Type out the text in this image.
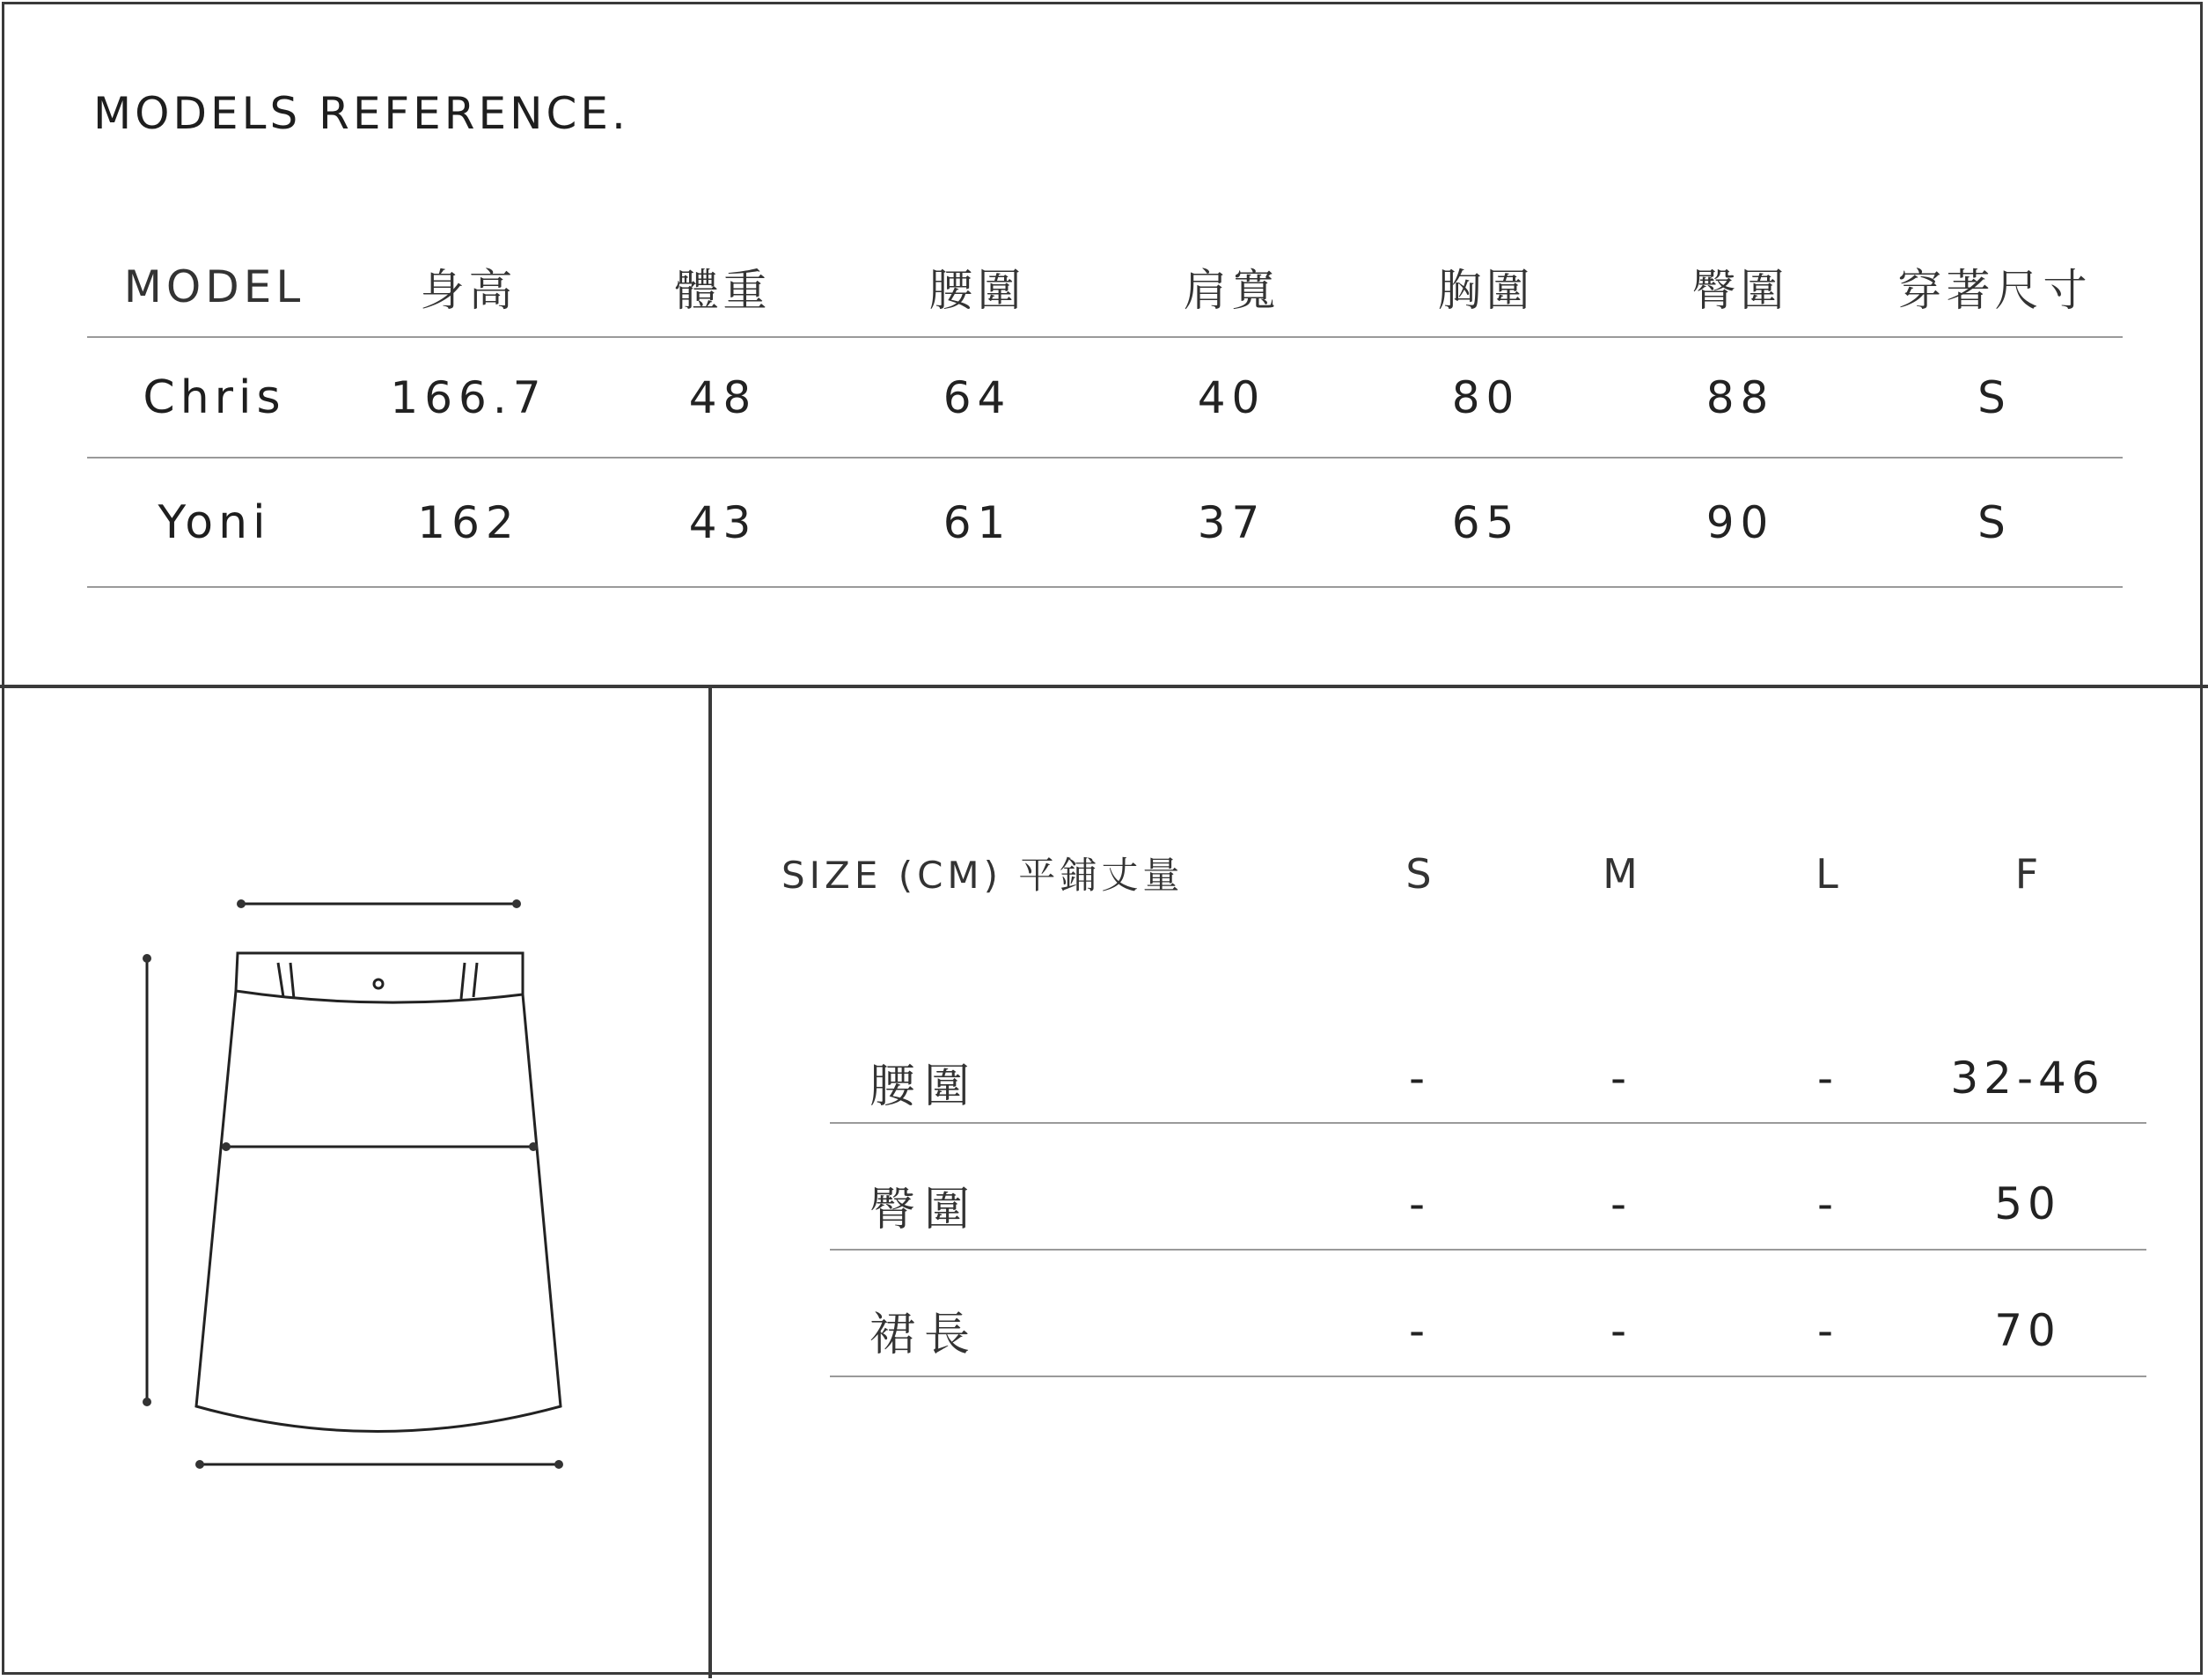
MODELS REFERENCE.
MODEL	身高	體重	腰圍	肩寬	胸圍	臀圍	穿著尺寸
Chris	166.7	48	64	40	80	88	S
Yoni	162	43	61	37	65	90	S
SIZE (CM) 平鋪丈量	S	M	L	F
腰圍	-	-	-	32-46
臀圍	-	-	-	50
裙長	-	-	-	70
